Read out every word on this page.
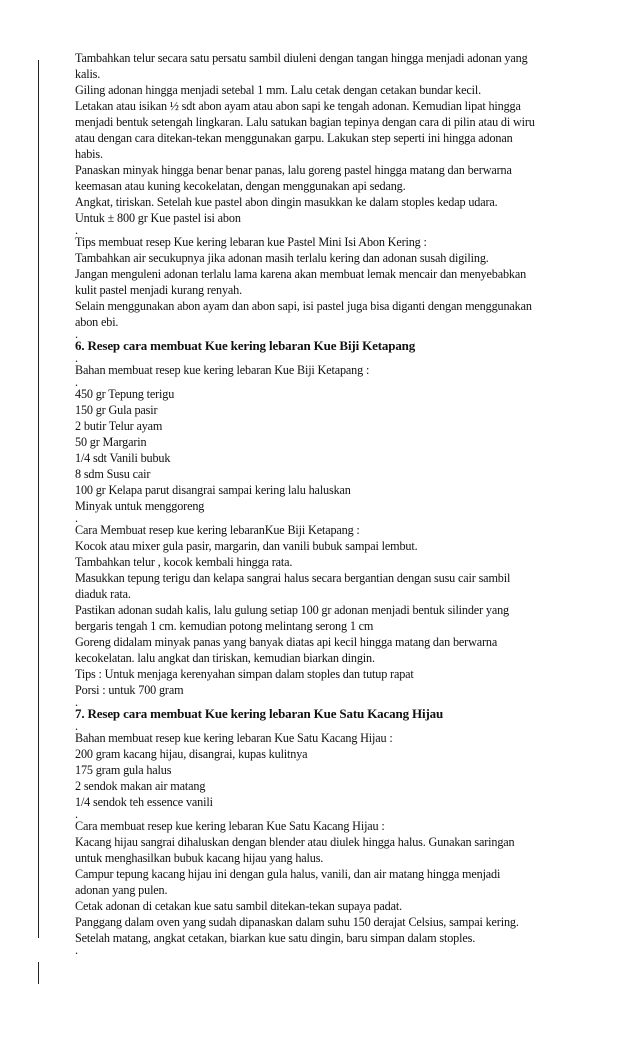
Tambahkan telur secara satu persatu sambil diuleni dengan tangan hingga menjadi adonan yang
kalis.
Giling adonan hingga menjadi setebal 1 mm. Lalu cetak dengan cetakan bundar kecil.
Letakan atau isikan ½ sdt abon ayam atau abon sapi ke tengah adonan. Kemudian lipat hingga
menjadi bentuk setengah lingkaran. Lalu satukan bagian tepinya dengan cara di pilin atau di wiru
atau dengan cara ditekan-tekan menggunakan garpu. Lakukan step seperti ini hingga adonan
habis.
Panaskan minyak hingga benar benar panas, lalu goreng pastel hingga matang dan berwarna
keemasan atau kuning kecokelatan, dengan menggunakan api sedang.
Angkat, tiriskan. Setelah kue pastel abon dingin masukkan ke dalam stoples kedap udara.
Untuk ± 800 gr Kue pastel isi abon
.
Tips membuat resep Kue kering lebaran kue Pastel Mini Isi Abon Kering :
Tambahkan air secukupnya jika adonan masih terlalu kering dan adonan susah digiling.
Jangan menguleni adonan terlalu lama karena akan membuat lemak mencair dan menyebabkan
kulit pastel menjadi kurang renyah.
Selain menggunakan abon ayam dan abon sapi, isi pastel juga bisa diganti dengan menggunakan
abon ebi.
.
6. Resep cara membuat Kue kering lebaran Kue Biji Ketapang
.
Bahan membuat resep kue kering lebaran Kue Biji Ketapang :
.
450 gr Tepung terigu
150 gr Gula pasir
2 butir Telur ayam
50 gr Margarin
1/4 sdt Vanili bubuk
8 sdm Susu cair
100 gr Kelapa parut disangrai sampai kering lalu haluskan
Minyak untuk menggoreng
.
Cara Membuat resep kue kering lebaranKue Biji Ketapang :
Kocok atau mixer gula pasir, margarin, dan vanili bubuk sampai lembut.
Tambahkan telur , kocok kembali hingga rata.
Masukkan tepung terigu dan kelapa sangrai halus secara bergantian dengan susu cair sambil
diaduk rata.
Pastikan adonan sudah kalis, lalu gulung setiap 100 gr adonan menjadi bentuk silinder yang
bergaris tengah 1 cm. kemudian potong melintang serong 1 cm
Goreng didalam minyak panas yang banyak diatas api kecil hingga matang dan berwarna
kecokelatan. lalu angkat dan tiriskan, kemudian biarkan dingin.
Tips : Untuk menjaga kerenyahan simpan dalam stoples dan tutup rapat
Porsi : untuk 700 gram
.
7. Resep cara membuat Kue kering lebaran Kue Satu Kacang Hijau
.
Bahan membuat resep kue kering lebaran Kue Satu Kacang Hijau :
200 gram kacang hijau, disangrai, kupas kulitnya
175 gram gula halus
2 sendok makan air matang
1/4 sendok teh essence vanili
.
Cara membuat resep kue kering lebaran Kue Satu Kacang Hijau :
Kacang hijau sangrai dihaluskan dengan blender atau diulek hingga halus. Gunakan saringan
untuk menghasilkan bubuk kacang hijau yang halus.
Campur tepung kacang hijau ini dengan gula halus, vanili, dan air matang hingga menjadi
adonan yang pulen.
Cetak adonan di cetakan kue satu sambil ditekan-tekan supaya padat.
Panggang dalam oven yang sudah dipanaskan dalam suhu 150 derajat Celsius, sampai kering.
Setelah matang, angkat cetakan, biarkan kue satu dingin, baru simpan dalam stoples.
.
